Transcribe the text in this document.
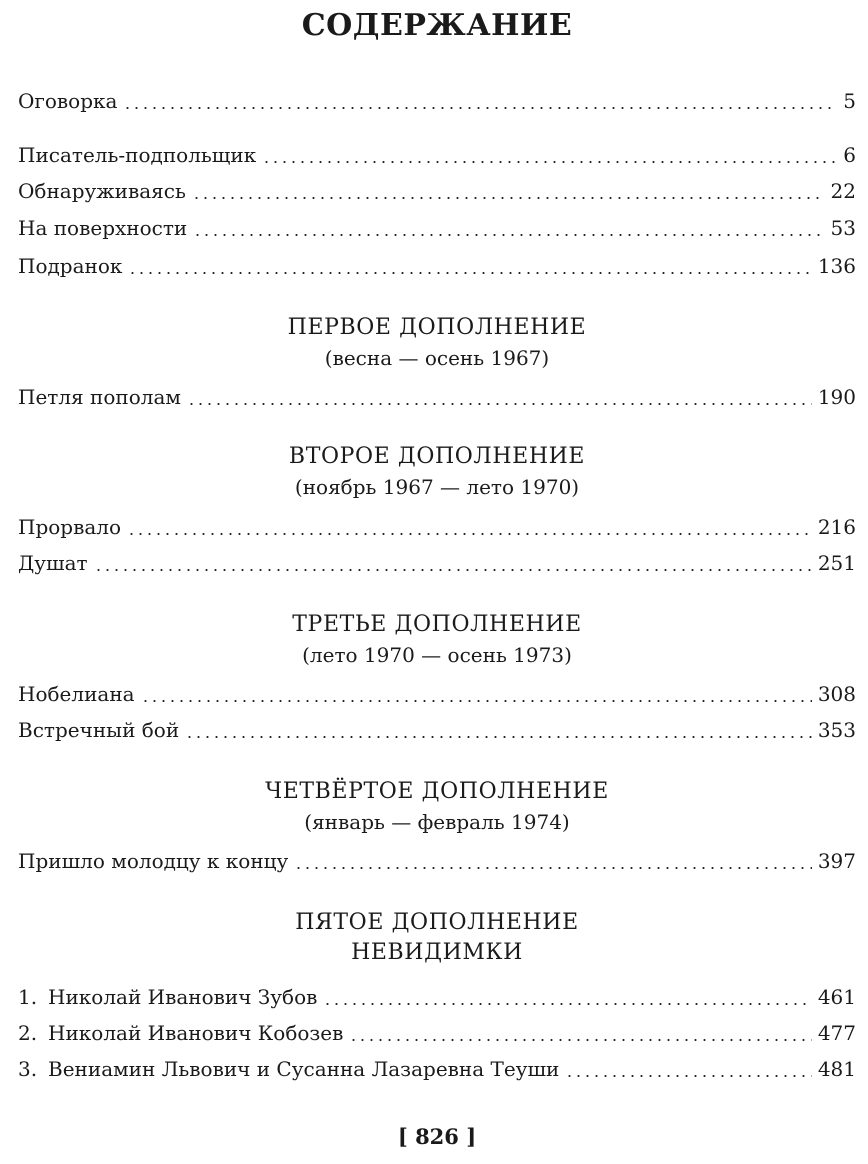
СОДЕРЖАНИЕ
Оговорка	5
Писатель-подпольщик	6
Обнаруживаясь	22
На поверхности	53
Подранок	136
ПЕРВОЕ ДОПОЛНЕНИЕ
(весна — осень 1967)
Петля пополам	190
ВТОРОЕ ДОПОЛНЕНИЕ
(ноябрь 1967 — лето 1970)
Прорвало	216
Душат	251
ТРЕТЬЕ ДОПОЛНЕНИЕ
(лето 1970 — осень 1973)
Нобелиана	308
Встречный бой	353
ЧЕТВЁРТОЕ ДОПОЛНЕНИЕ
(январь — февраль 1974)
Пришло молодцу к концу	397
ПЯТОЕ ДОПОЛНЕНИЕ
НЕВИДИМКИ
1. Николай Иванович Зубов	461
2. Николай Иванович Кобозев	477
3. Вениамин Львович и Сусанна Лазаревна Теуши	481
[ 826 ]
